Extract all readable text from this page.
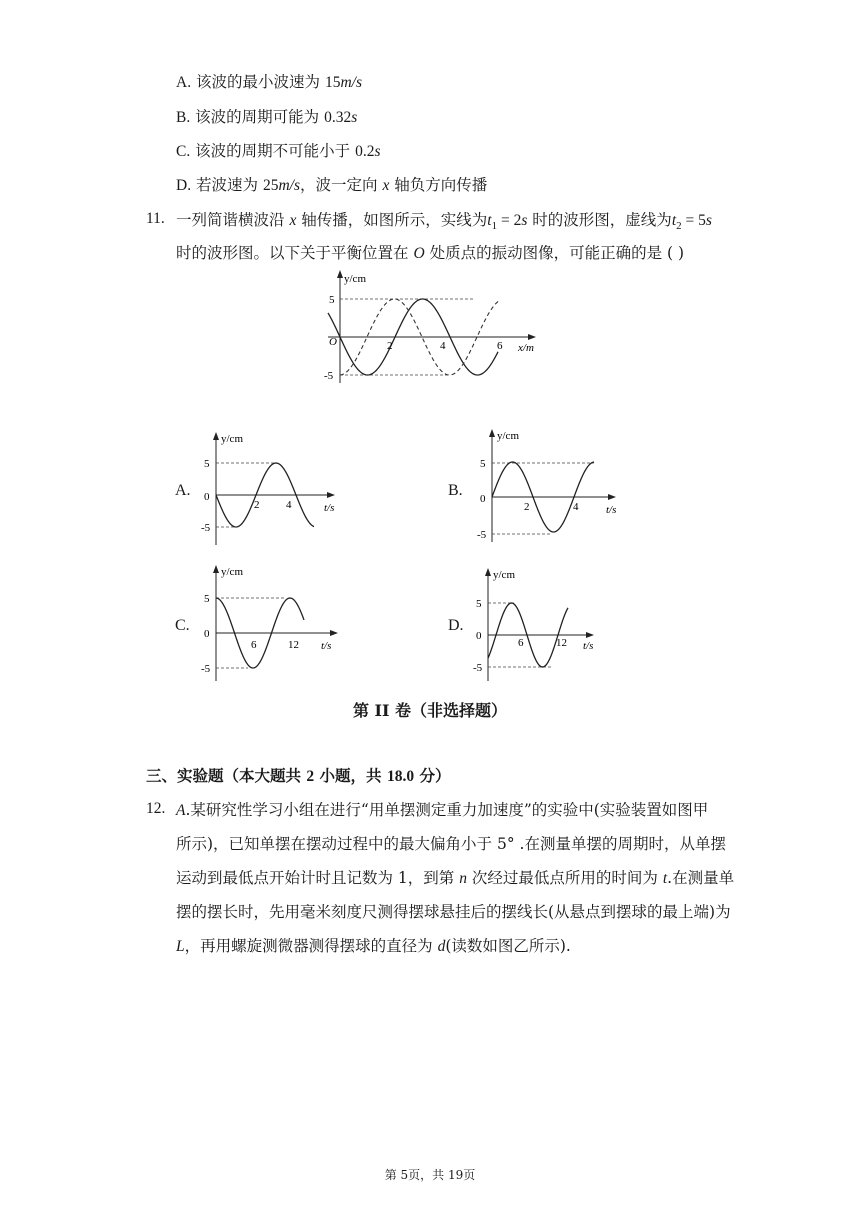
A. 该波的最小波速为 15m/s
B. 该波的周期可能为 0.32s
C. 该波的周期不可能小于 0.2s
D. 若波速为 25m/s，波一定向 x 轴负方向传播
11. 一列简谐横波沿 x 轴传播，如图所示，实线为$t_1 = 2s$ 时的波形图，虚线为$t_2 = 5s$
时的波形图。以下关于平衡位置在 O 处质点的振动图像，可能正确的是 ( )
y/cm
x/m
O
5
-5
2	4	6
A.
y/cm
t/s
0
5
-5
2 4
B.
y/cm
t/s
0
5
-5
2	4
C.
y/cm
t/s
0
5
-5
6	12
D.
y/cm
t/s
0
5
-5
6	12
第 II 卷（非选择题）
三、实验题（本大题共 2 小题，共 18.0 分）
12. A.某研究性学习小组在进行“用单摆测定重力加速度”的实验中(实验装置如图甲
所示)，已知单摆在摆动过程中的最大偏角小于 5° .在测量单摆的周期时，从单摆
运动到最低点开始计时且记数为 1，到第 n 次经过最低点所用的时间为 t.在测量单
摆的摆长时，先用毫米刻度尺测得摆球悬挂后的摆线长(从悬点到摆球的最上端)为
L，再用螺旋测微器测得摆球的直径为 d(读数如图乙所示).
第 5页，共 19页
